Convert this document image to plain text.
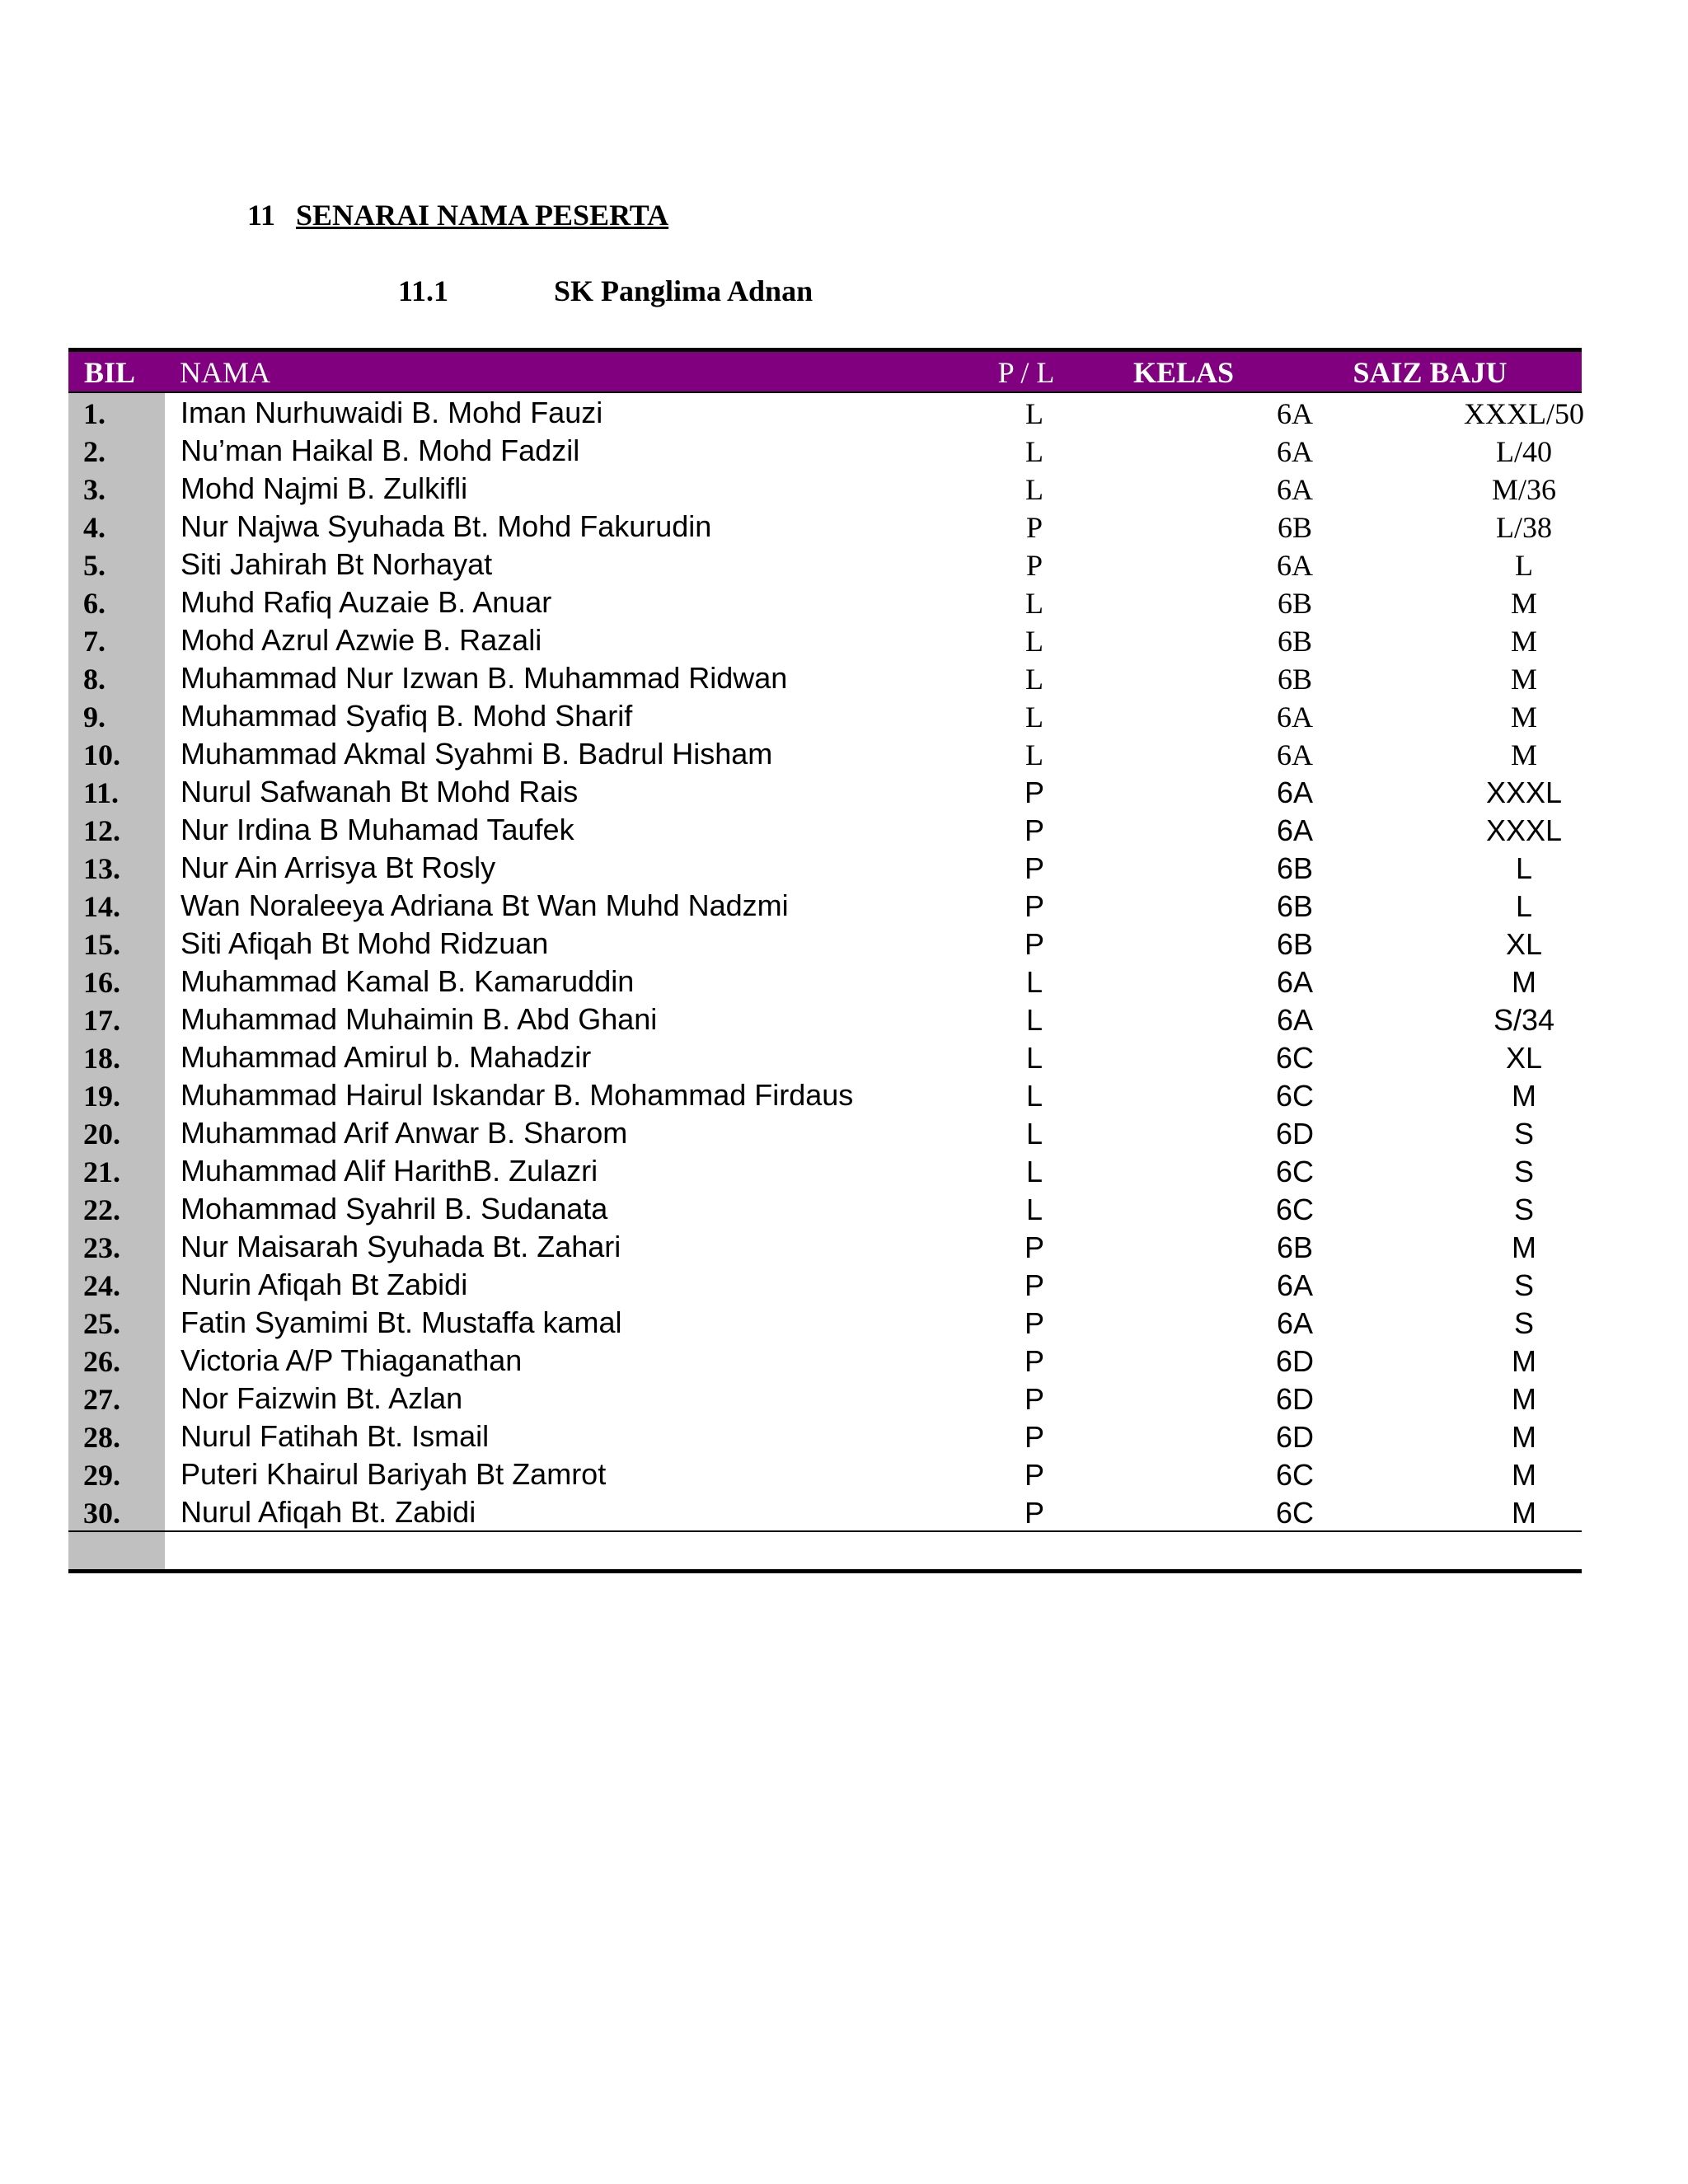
11 SENARAI NAMA PESERTA
11.1	SK Panglima Adnan
BIL NAMA	P / L	KELAS	SAIZ BAJU
1.	Iman Nurhuwaidi B. Mohd Fauzi	L	6A	XXXL/50
2.	Nu’man Haikal B. Mohd Fadzil	L	6A	L/40
3.	Mohd Najmi B. Zulkifli	L	6A	M/36
4.	Nur Najwa Syuhada Bt. Mohd Fakurudin	P	6B	L/38
5.	Siti Jahirah Bt Norhayat	P	6A	L
6.	Muhd Rafiq Auzaie B. Anuar	L	6B	M
7.	Mohd Azrul Azwie B. Razali	L	6B	M
8.	Muhammad Nur Izwan B. Muhammad Ridwan	L	6B	M
9.	Muhammad Syafiq B. Mohd Sharif	L	6A	M
10. Muhammad Akmal Syahmi B. Badrul Hisham	L	6A	M
11. Nurul Safwanah Bt Mohd Rais	P	6A	XXXL
12. Nur Irdina B Muhamad Taufek	P	6A	XXXL
13. Nur Ain Arrisya Bt Rosly	P	6B	L
14. Wan Noraleeya Adriana Bt Wan Muhd Nadzmi	P	6B	L
15. Siti Afiqah Bt Mohd Ridzuan	P	6B	XL
16. Muhammad Kamal B. Kamaruddin	L	6A	M
17. Muhammad Muhaimin B. Abd Ghani	L	6A	S/34
18. Muhammad Amirul b. Mahadzir	L	6C	XL
19. Muhammad Hairul Iskandar B. Mohammad Firdaus	L	6C	M
20. Muhammad Arif Anwar B. Sharom	L	6D	S
21. Muhammad Alif HarithB. Zulazri	L	6C	S
22. Mohammad Syahril B. Sudanata	L	6C	S
23. Nur Maisarah Syuhada Bt. Zahari	P	6B	M
24. Nurin Afiqah Bt Zabidi	P	6A	S
25. Fatin Syamimi Bt. Mustaffa kamal	P	6A	S
26. Victoria A/P Thiaganathan	P	6D	M
27. Nor Faizwin Bt. Azlan	P	6D	M
28. Nurul Fatihah Bt. Ismail	P	6D	M
29. Puteri Khairul Bariyah Bt Zamrot	P	6C	M
30. Nurul Afiqah Bt. Zabidi	P	6C	M
